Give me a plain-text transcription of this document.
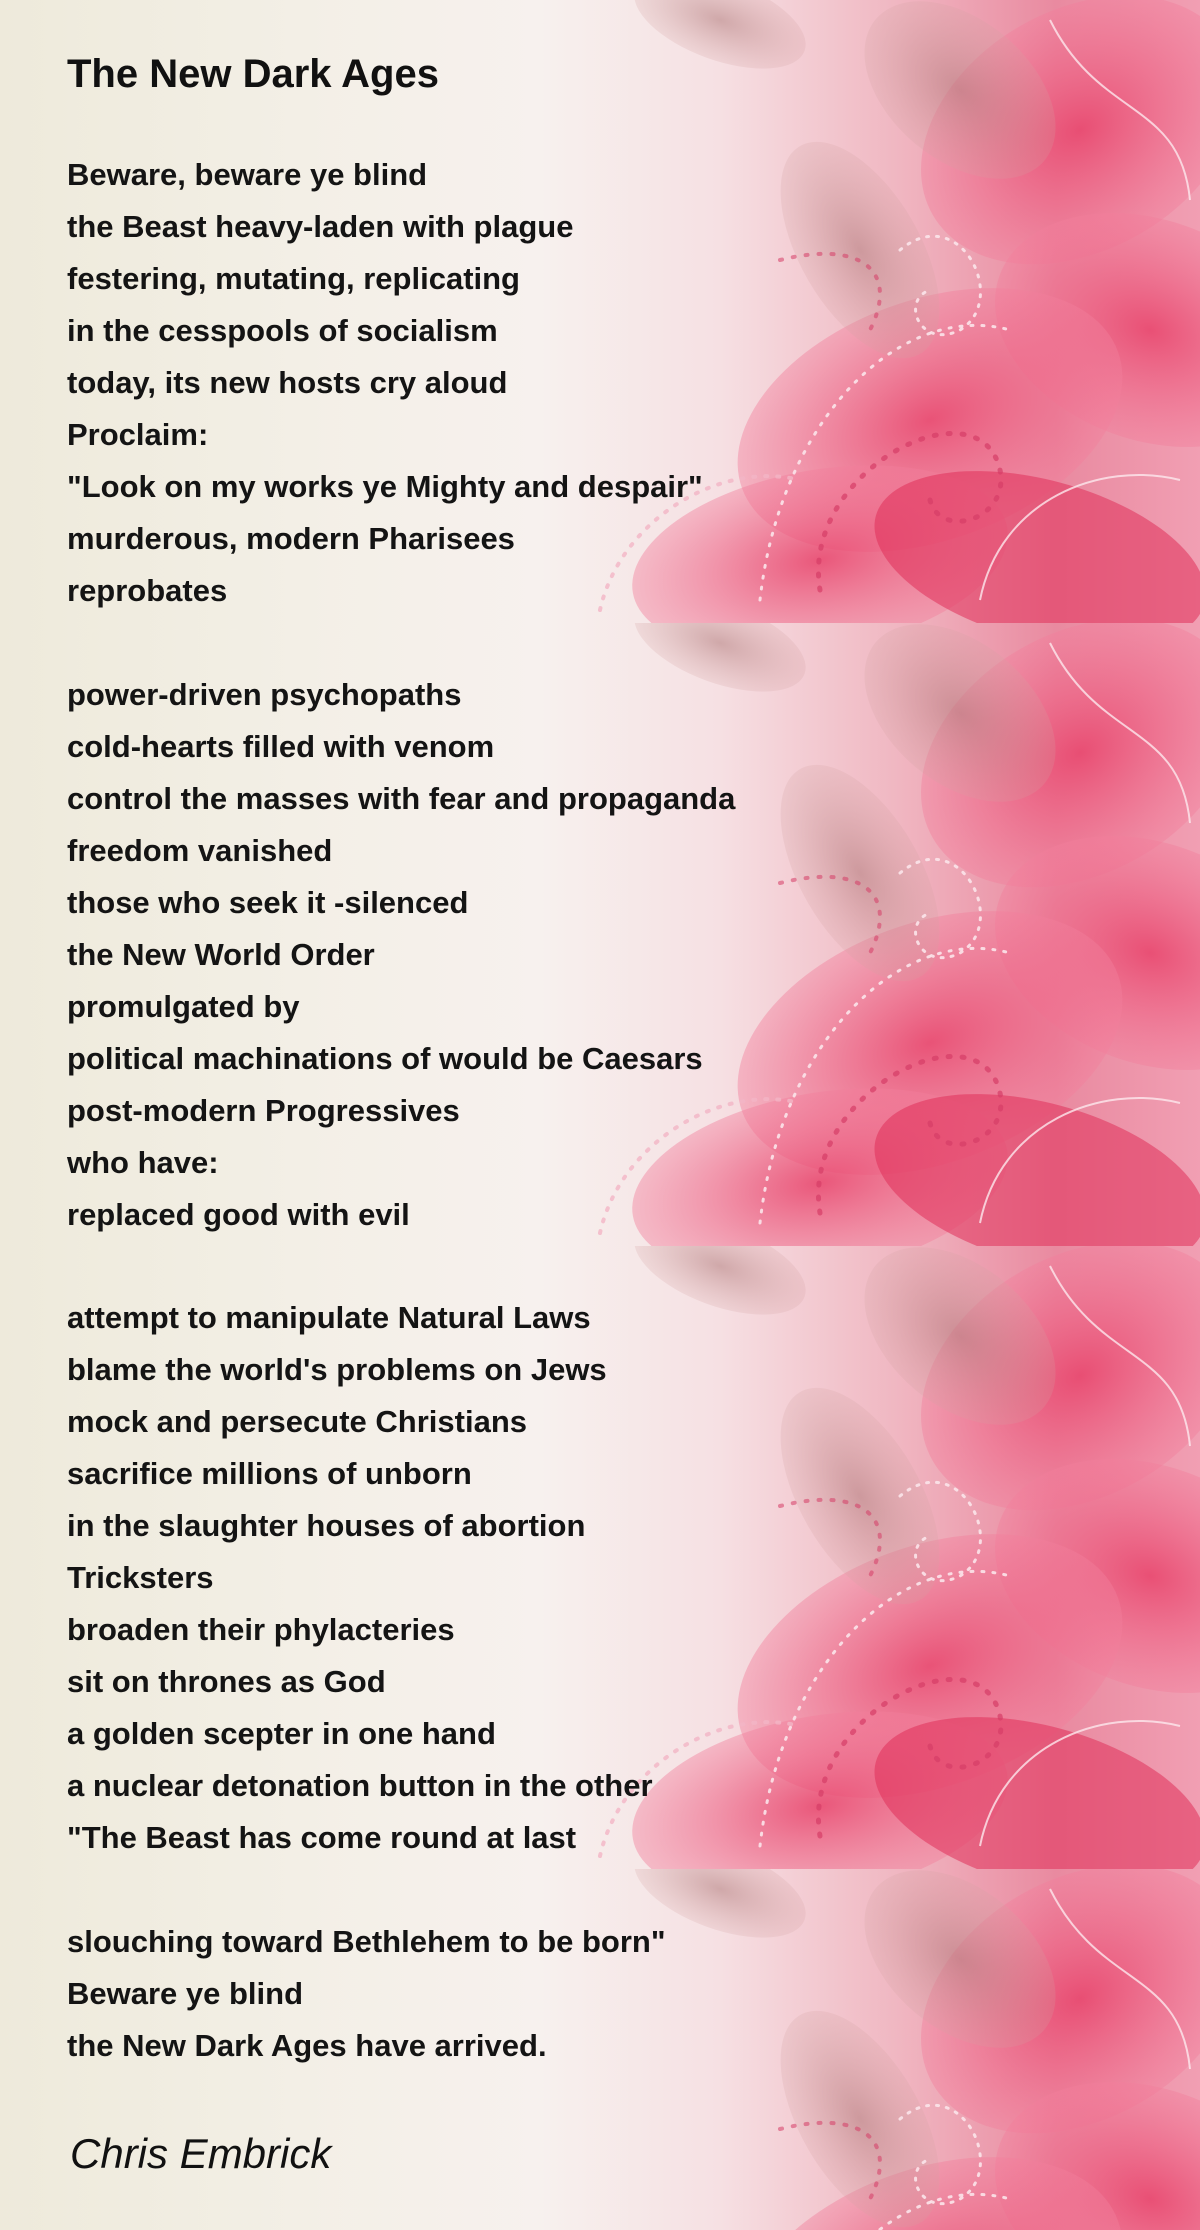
The New Dark Ages
Beware, beware ye blind
the Beast heavy-laden with plague
festering, mutating, replicating
in the cesspools of socialism
today, its new hosts cry aloud
Proclaim:
"Look on my works ye Mighty and despair"
murderous, modern Pharisees
reprobates
power-driven psychopaths
cold-hearts filled with venom
control the masses with fear and propaganda
freedom vanished
those who seek it -silenced
the New World Order
promulgated by
political machinations of would be Caesars
post-modern Progressives
who have:
replaced good with evil
attempt to manipulate Natural Laws
blame the world's problems on Jews
mock and persecute Christians
sacrifice millions of unborn
in the slaughter houses of abortion
Tricksters
broaden their phylacteries
sit on thrones as God
a golden scepter in one hand
a nuclear detonation button in the other
"The Beast has come round at last
slouching toward Bethlehem to be born"
Beware ye blind
the New Dark Ages have arrived.

Chris Embrick
